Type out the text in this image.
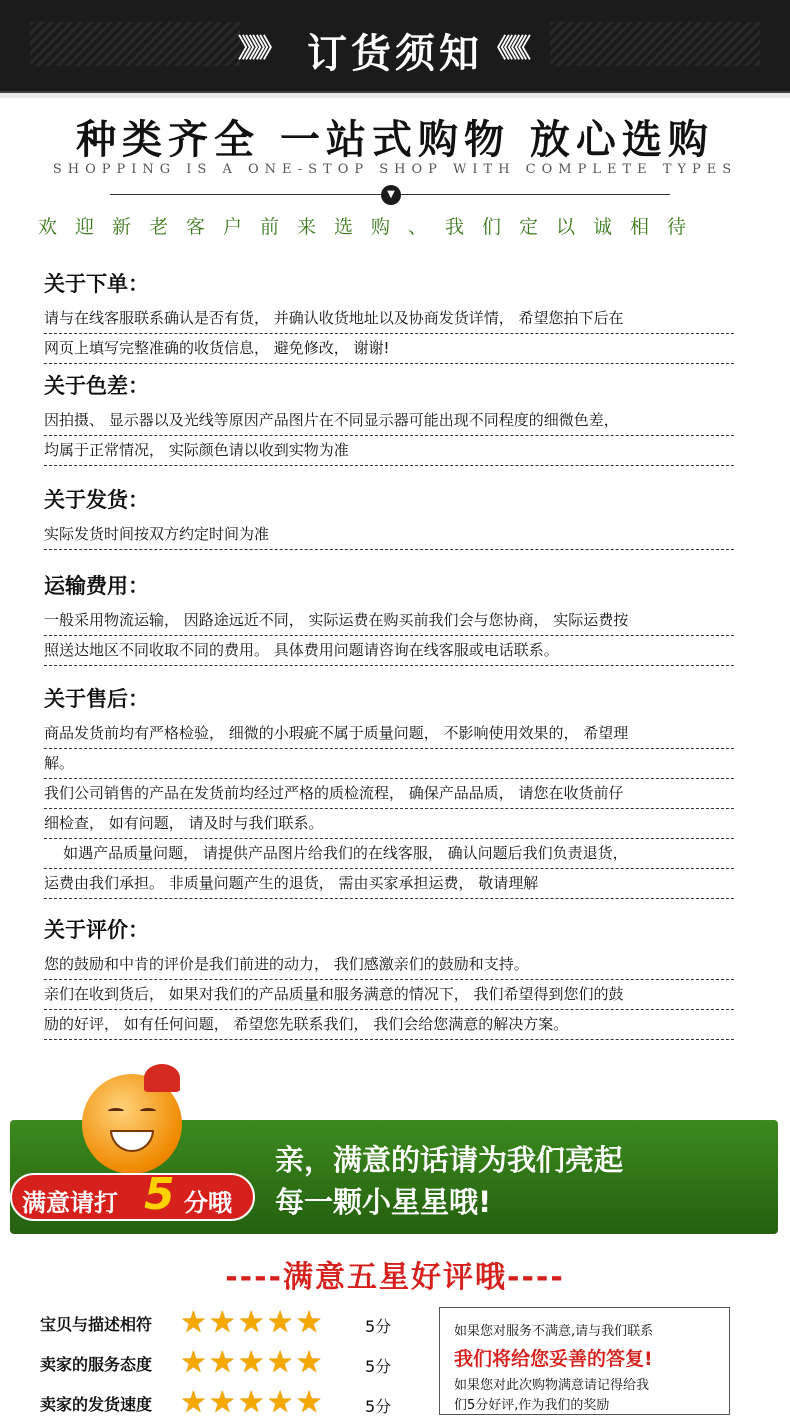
》》》》 订货须知 《《《《
种类齐全 一站式购物 放心选购
SHOPPING IS A ONE-STOP SHOP WITH COMPLETE TYPES
▼
欢迎新老客户前来选购、我们定以诚相待
关于下单：
请与在线客服联系确认是否有货， 并确认收货地址以及协商发货详情， 希望您拍下后在
网页上填写完整准确的收货信息， 避免修改， 谢谢!
关于色差：
因拍摄、 显示器以及光线等原因产品图片在不同显示器可能出现不同程度的细微色差，
均属于正常情况， 实际颜色请以收到实物为准
关于发货：
实际发货时间按双方约定时间为准
运输费用：
一般采用物流运输， 因路途远近不同， 实际运费在购买前我们会与您协商， 实际运费按
照送达地区不同收取不同的费用。 具体费用问题请咨询在线客服或电话联系。
关于售后：
商品发货前均有严格检验， 细微的小瑕疵不属于质量问题， 不影响使用效果的， 希望理
解。
我们公司销售的产品在发货前均经过严格的质检流程， 确保产品品质， 请您在收货前仔
细检查， 如有问题， 请及时与我们联系。
如遇产品质量问题， 请提供产品图片给我们的在线客服， 确认问题后我们负责退货，
运费由我们承担。 非质量问题产生的退货， 需由买家承担运费， 敬请理解
关于评价：
您的鼓励和中肯的评价是我们前进的动力， 我们感激亲们的鼓励和支持。
亲们在收到货后， 如果对我们的产品质量和服务满意的情况下， 我们希望得到您们的鼓
励的好评， 如有任何问题， 希望您先联系我们， 我们会给您满意的解决方案。
亲，满意的话请为我们亮起
每一颗小星星哦!
满意请打 5 分哦
----满意五星好评哦----
宝贝与描述相符 ★★★★★	5分
卖家的服务态度 ★★★★★	5分
卖家的发货速度 ★★★★★	5分
如果您对服务不满意,请与我们联系
我们将给您妥善的答复!
如果您对此次购物满意请记得给我
们5分好评,作为我们的奖励
